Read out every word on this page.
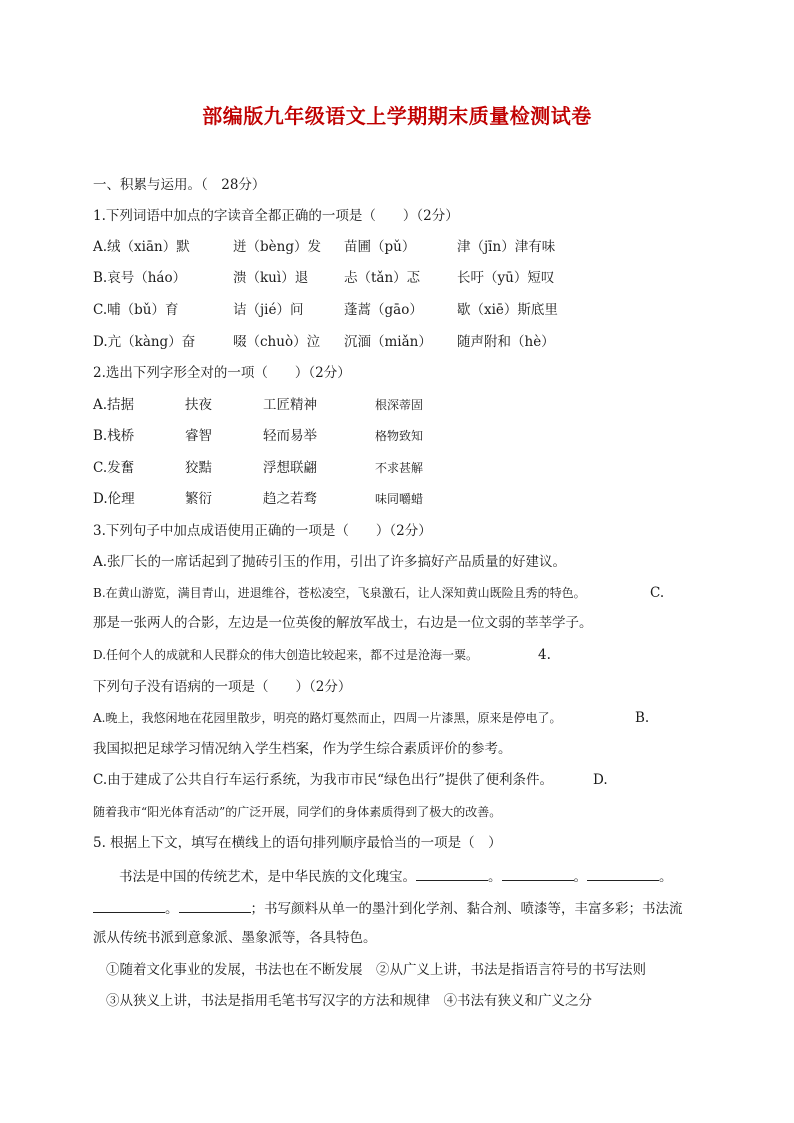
部编版九年级语文上学期期末质量检测试卷
一、积累与运用。（　28分）
1.下列词语中加点的字读音全都正确的一项是（　　）（2分）
A.绒（xiān）默	迸（bèng）发 苗圃（pǔ）	津（jīn）津有味
B.哀号（háo）	溃（kuì）退	忐（tǎn）忑	长吁（yū）短叹
C.哺（bǔ）育	诘（jié）问	蓬蒿（gāo）	歇（xiē）斯底里
D.亢（kàng）奋	啜（chuò）泣 沉湎（miǎn） 随声附和（hè）
2.选出下列字形全对的一项（　　）（2分）
A.拮据	扶夜	工匠精神	根深蒂固
B.栈桥	睿智	轻而易举	格物致知
C.发奮	狡黠	浮想联翩	不求甚解
D.伦理	繁衍	趋之若骛	味同嚼蜡
3.下列句子中加点成语使用正确的一项是（　　）（2分）
A.张厂长的一席话起到了抛砖引玉的作用，引出了许多搞好产品质量的好建议。
B.在黄山游览，满目青山，进退维谷，苍松凌空，飞泉激石，让人深知黄山既险且秀的特色。	C.
那是一张两人的合影，左边是一位英俊的解放军战士，右边是一位文弱的莘莘学子。
D.任何个人的成就和人民群众的伟大创造比较起来，都不过是沧海一粟。	4.
下列句子没有语病的一项是（　　）（2分）
A.晚上，我悠闲地在花园里散步，明亮的路灯戛然而止，四周一片漆黑，原来是停电了。	B.
我国拟把足球学习情况纳入学生档案，作为学生综合素质评价的参考。
C.由于建成了公共自行车运行系统，为我市市民“绿色出行”提供了便利条件。	D.
随着我市“阳光体育活动”的广泛开展，同学们的身体素质得到了极大的改善。
5. 根据上下文，填写在横线上的语句排列顺序最恰当的一项是（　）
书法是中国的传统艺术，是中华民族的文化瑰宝。	。	。	。
。	；书写颜料从单一的墨汁到化学剂、黏合剂、喷漆等，丰富多彩；书法流
派从传统书派到意象派、墨象派等，各具特色。
①随着文化事业的发展，书法也在不断发展　②从广义上讲，书法是指语言符号的书写法则
③从狭义上讲，书法是指用毛笔书写汉字的方法和规律　④书法有狭义和广义之分
